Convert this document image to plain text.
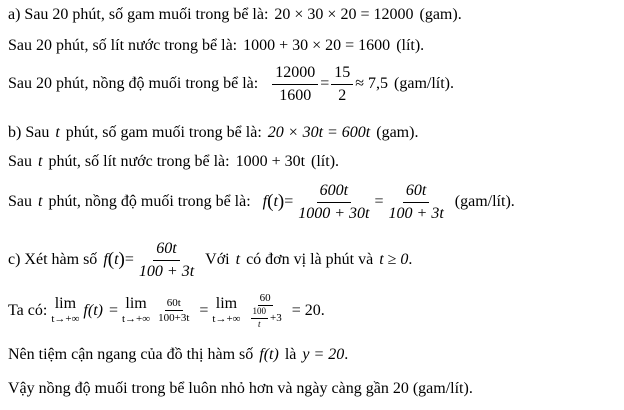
a) Sau 20 phút, số gam muối trong bể là: 20 × 30 × 20 = 12000 (gam).
Sau 20 phút, số lít nước trong bể là: 1000 + 30 × 20 = 1600 (lít).
Sau 20 phút, nồng độ muối trong bể là: $\frac{12000}{1600} = \frac{15}{2} \approx 7,5$ (gam/lít).
b) Sau t phút, số gam muối trong bể là: 20 × 30t = 600t (gam).
Sau t phút, số lít nước trong bể là: 1000 + 30t (lít).
Sau t phút, nồng độ muối trong bể là: f ( t ) = $\frac{600t}{1000 + 30t} = \frac{60t}{100 + 3t}$ (gam/lít).
c) Xét hàm số f ( t ) = $\frac{60t}{100 + 3t}$ Với t có đơn vị là phút và t ≥ 0 .
Ta có: lim
t→+∞
f(t) = lim
$t\to+\infty \frac{60t}{100+3t} = \lim$
$t\to+\infty \frac{60}{\frac{100}{t} +3} = 20$.
Nên tiệm cận ngang của đồ thị hàm số f(t) là y = 20 .
Vậy nồng độ muối trong bể luôn nhỏ hơn và ngày càng gần 20 (gam/lít).
